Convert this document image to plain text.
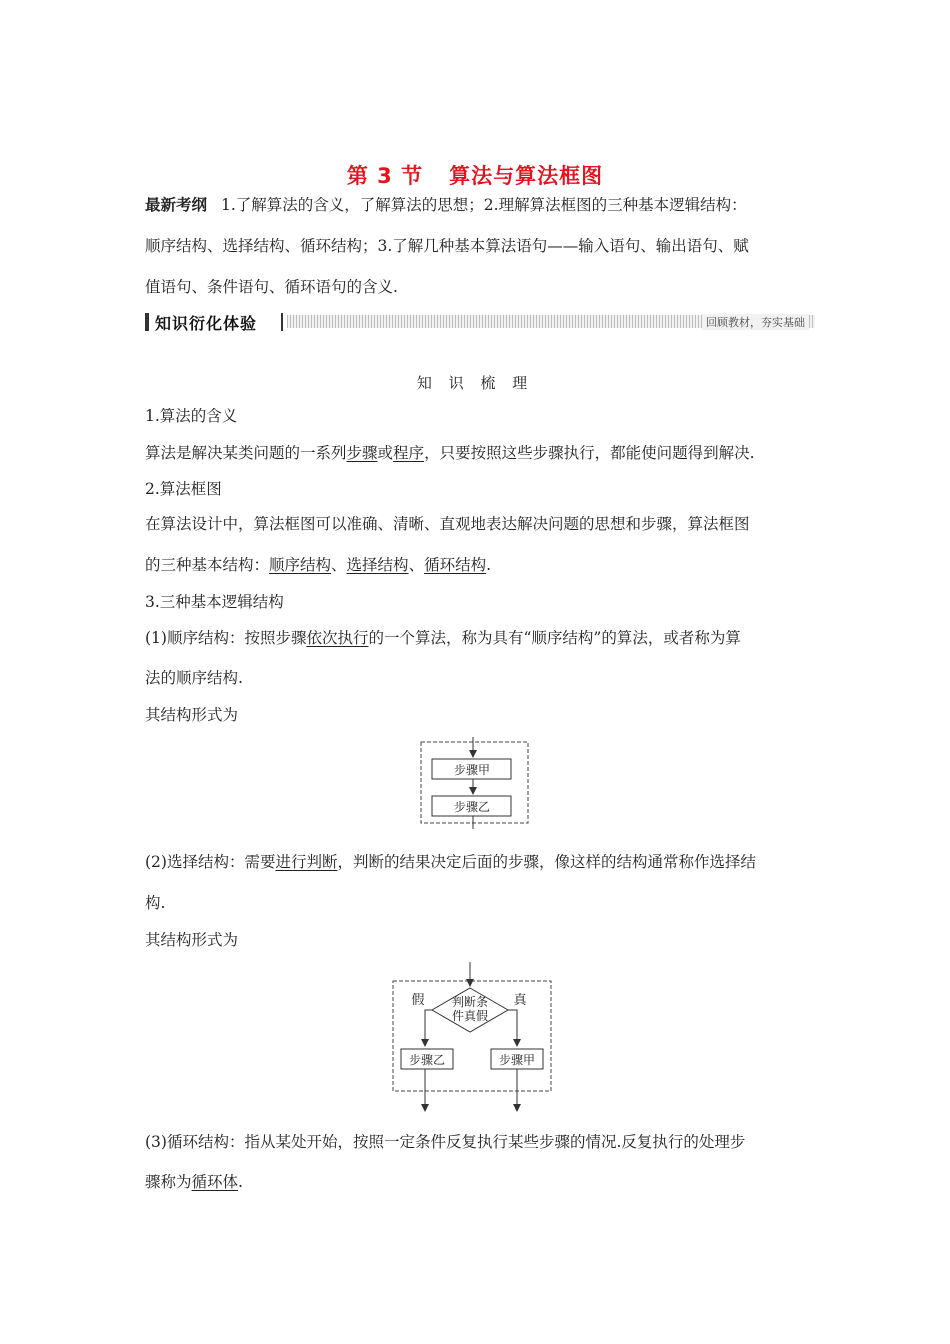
第 3 节 算法与算法框图
最新考纲 1.了解算法的含义，了解算法的思想；2.理解算法框图的三种基本逻辑结构：
顺序结构、选择结构、循环结构；3.了解几种基本算法语句——输入语句、输出语句、赋
值语句、条件语句、循环语句的含义.
知识衍化体验	回顾教材，夯实基础
知 识 梳 理
1.算法的含义
算法是解决某类问题的一系列步骤或程序，只要按照这些步骤执行，都能使问题得到解决.
2.算法框图
在算法设计中，算法框图可以准确、清晰、直观地表达解决问题的思想和步骤，算法框图
的三种基本结构：顺序结构、选择结构、循环结构.
3.三种基本逻辑结构
(1)顺序结构：按照步骤依次执行的一个算法，称为具有“顺序结构”的算法，或者称为算
法的顺序结构.
其结构形式为
步骤甲
步骤乙
(2)选择结构：需要进行判断，判断的结果决定后面的步骤，像这样的结构通常称作选择结
构.
其结构形式为
判断条
件真假
假	真
步骤乙	步骤甲
(3)循环结构：指从某处开始，按照一定条件反复执行某些步骤的情况.反复执行的处理步
骤称为循环体.
